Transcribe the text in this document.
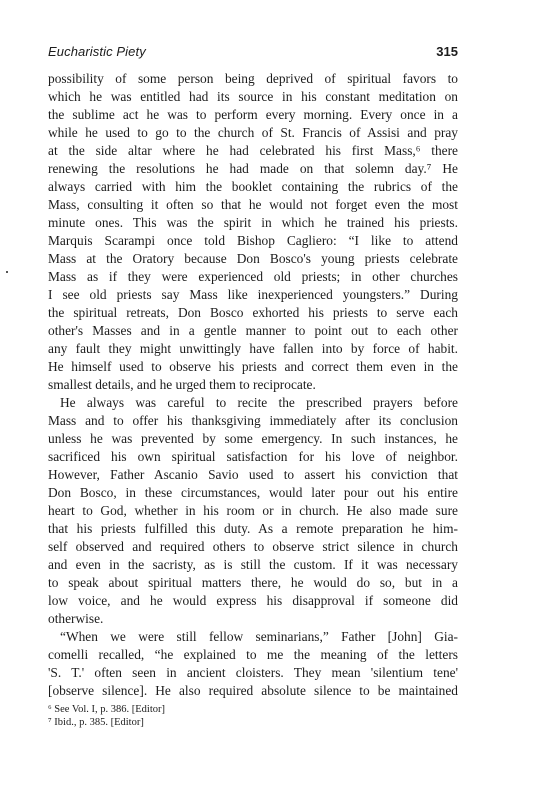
Eucharistic Piety	315
possibility of some person being deprived of spiritual favors to
which he was entitled had its source in his constant meditation on
the sublime act he was to perform every morning. Every once in a
while he used to go to the church of St. Francis of Assisi and pray
at the side altar where he had celebrated his first Mass,⁶ there
renewing the resolutions he had made on that solemn day.⁷ He
always carried with him the booklet containing the rubrics of the
Mass, consulting it often so that he would not forget even the most
minute ones. This was the spirit in which he trained his priests.
Marquis Scarampi once told Bishop Cagliero: “I like to attend
Mass at the Oratory because Don Bosco's young priests celebrate
Mass as if they were experienced old priests; in other churches
I see old priests say Mass like inexperienced youngsters.” During
the spiritual retreats, Don Bosco exhorted his priests to serve each
other's Masses and in a gentle manner to point out to each other
any fault they might unwittingly have fallen into by force of habit.
He himself used to observe his priests and correct them even in the
smallest details, and he urged them to reciprocate.
He always was careful to recite the prescribed prayers before
Mass and to offer his thanksgiving immediately after its conclusion
unless he was prevented by some emergency. In such instances, he
sacrificed his own spiritual satisfaction for his love of neighbor.
However, Father Ascanio Savio used to assert his conviction that
Don Bosco, in these circumstances, would later pour out his entire
heart to God, whether in his room or in church. He also made sure
that his priests fulfilled this duty. As a remote preparation he him-
self observed and required others to observe strict silence in church
and even in the sacristy, as is still the custom. If it was necessary
to speak about spiritual matters there, he would do so, but in a
low voice, and he would express his disapproval if someone did
otherwise.
“When we were still fellow seminarians,” Father [John] Gia-
comelli recalled, “he explained to me the meaning of the letters
'S. T.' often seen in ancient cloisters. They mean 'silentium tene'
[observe silence]. He also required absolute silence to be maintained
⁶ See Vol. I, p. 386. [Editor]
⁷ Ibid., p. 385. [Editor]
